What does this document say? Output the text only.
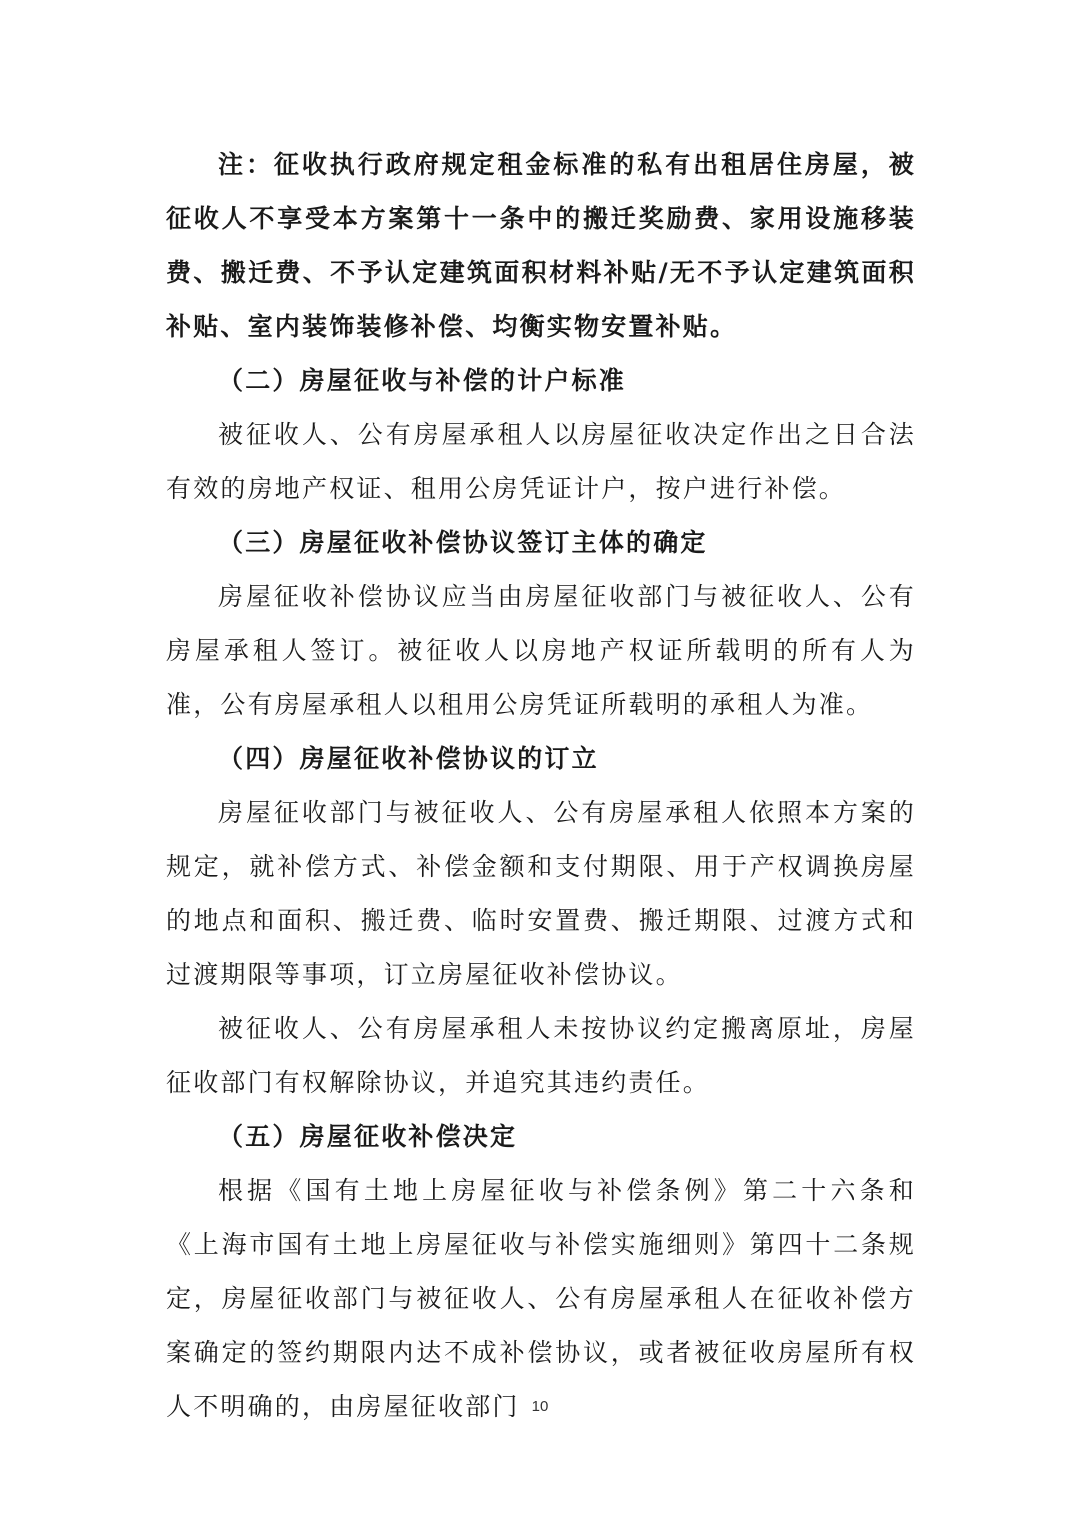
注：征收执行政府规定租金标准的私有出租居住房屋，被征收人不享受本方案第十一条中的搬迁奖励费、家用设施移装费、搬迁费、不予认定建筑面积材料补贴/无不予认定建筑面积补贴、室内装饰装修补偿、均衡实物安置补贴。

（二）房屋征收与补偿的计户标准

被征收人、公有房屋承租人以房屋征收决定作出之日合法有效的房地产权证、租用公房凭证计户，按户进行补偿。

（三）房屋征收补偿协议签订主体的确定

房屋征收补偿协议应当由房屋征收部门与被征收人、公有房屋承租人签订。被征收人以房地产权证所载明的所有人为准，公有房屋承租人以租用公房凭证所载明的承租人为准。

（四）房屋征收补偿协议的订立

房屋征收部门与被征收人、公有房屋承租人依照本方案的规定，就补偿方式、补偿金额和支付期限、用于产权调换房屋的地点和面积、搬迁费、临时安置费、搬迁期限、过渡方式和过渡期限等事项，订立房屋征收补偿协议。

被征收人、公有房屋承租人未按协议约定搬离原址，房屋征收部门有权解除协议，并追究其违约责任。

（五）房屋征收补偿决定

根据《国有土地上房屋征收与补偿条例》第二十六条和《上海市国有土地上房屋征收与补偿实施细则》第四十二条规定，房屋征收部门与被征收人、公有房屋承租人在征收补偿方案确定的签约期限内达不成补偿协议，或者被征收房屋所有权人不明确的，由房屋征收部门 10
